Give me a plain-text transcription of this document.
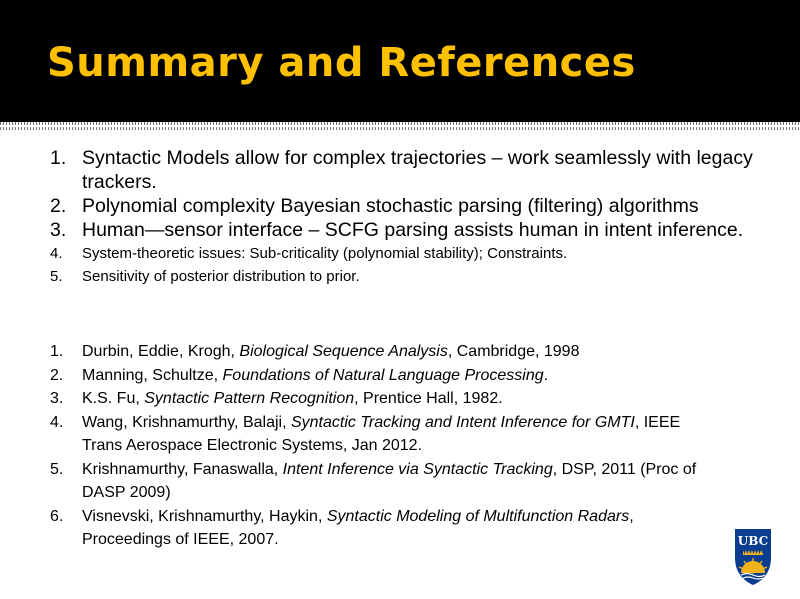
Summary and References
1. Syntactic Models allow for complex trajectories – work seamlessly with legacy trackers.
2. Polynomial complexity Bayesian stochastic parsing (filtering) algorithms
3. Human—sensor interface – SCFG parsing assists human in intent inference.
4. System-theoretic issues: Sub-criticality (polynomial stability); Constraints.
5. Sensitivity of posterior distribution to prior.
1. Durbin, Eddie, Krogh, Biological Sequence Analysis, Cambridge, 1998
2. Manning, Schultze, Foundations of Natural Language Processing.
3. K.S. Fu, Syntactic Pattern Recognition, Prentice Hall, 1982.
4. Wang, Krishnamurthy, Balaji, Syntactic Tracking and Intent Inference for GMTI, IEEE Trans Aerospace Electronic Systems, Jan 2012.
5. Krishnamurthy, Fanaswalla, Intent Inference via Syntactic Tracking, DSP, 2011 (Proc of DASP 2009)
6. Visnevski, Krishnamurthy, Haykin, Syntactic Modeling of Multifunction Radars, Proceedings of IEEE, 2007.	UBC
